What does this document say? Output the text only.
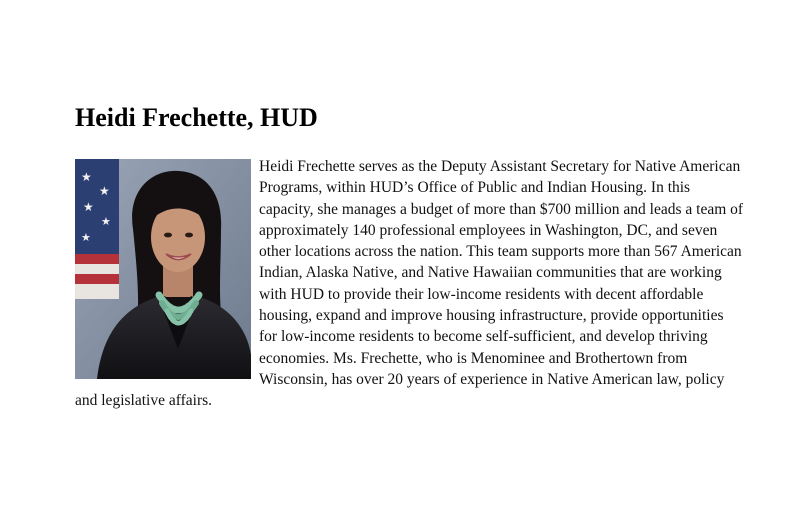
Heidi Frechette, HUD

★
★
★
★
★
Heidi Frechette serves as the Deputy Assistant Secretary for Native American Programs, within HUD’s Office of Public and Indian Housing. In this capacity, she manages a budget of more than $700 million and leads a team of approximately 140 professional employees in Washington, DC, and seven other locations across the nation. This team supports more than 567 American Indian, Alaska Native, and Native Hawaiian communities that are working with HUD to provide their low-income residents with decent affordable housing, expand and improve housing infrastructure, provide opportunities for low-income residents to become self-sufficient, and develop thriving economies. Ms. Frechette, who is Menominee and Brothertown from Wisconsin, has over 20 years of experience in Native American law, policy and legislative affairs.
